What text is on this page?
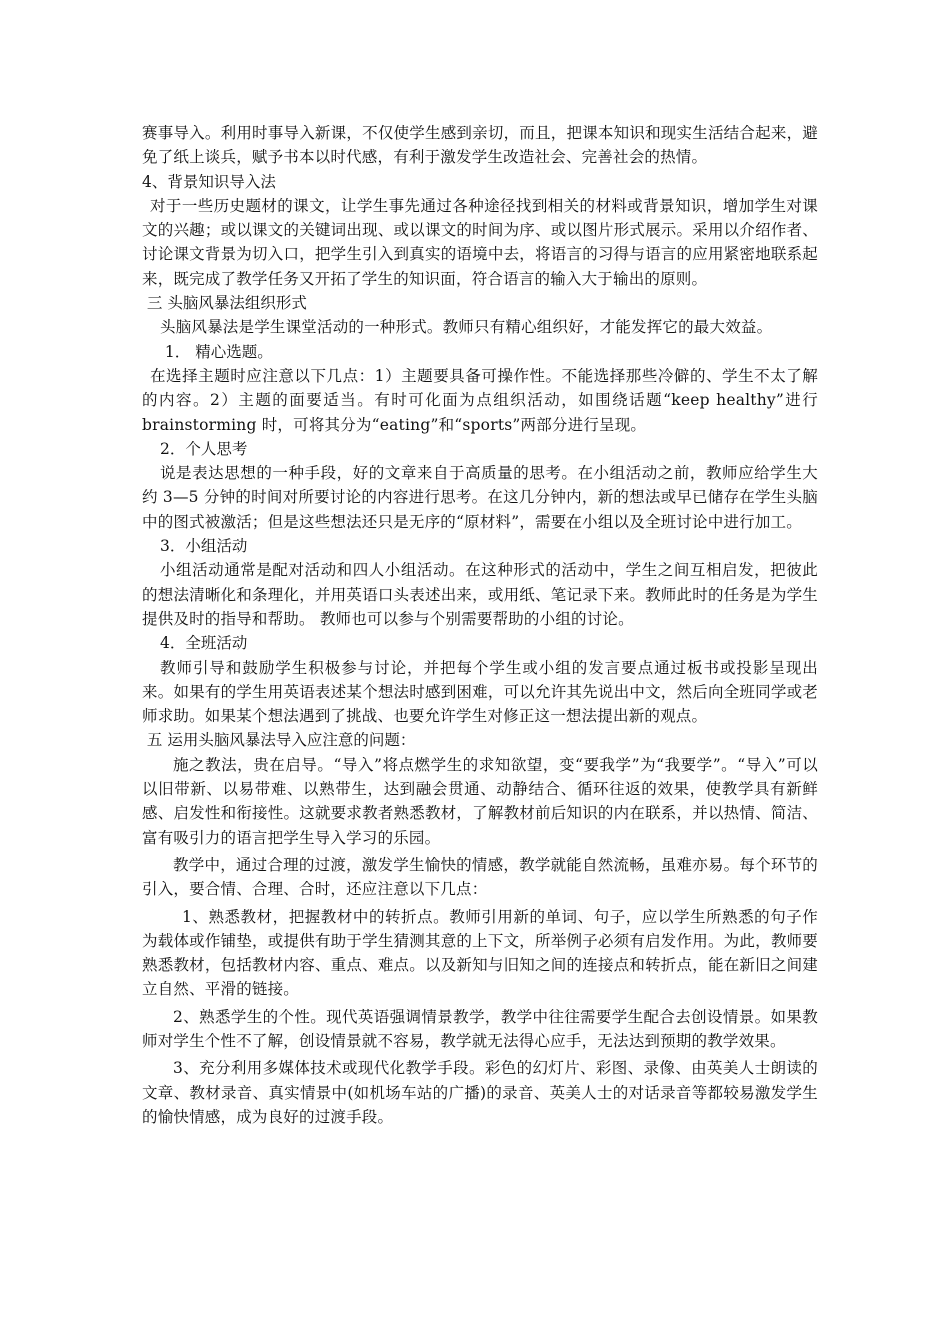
赛事导入。利用时事导入新课，不仅使学生感到亲切，而且，把课本知识和现实生活结合起来，避免了纸上谈兵，赋予书本以时代感，有利于激发学生改造社会、完善社会的热情。

4、背景知识导入法

对于一些历史题材的课文，让学生事先通过各种途径找到相关的材料或背景知识，增加学生对课文的兴趣；或以课文的关键词出现、或以课文的时间为序、或以图片形式展示。采用以介绍作者、讨论课文背景为切入口，把学生引入到真实的语境中去，将语言的习得与语言的应用紧密地联系起来，既完成了教学任务又开拓了学生的知识面，符合语言的输入大于输出的原则。

三 头脑风暴法组织形式

头脑风暴法是学生课堂活动的一种形式。教师只有精心组织好，才能发挥它的最大效益。

1． 精心选题。

在选择主题时应注意以下几点：1）主题要具备可操作性。不能选择那些冷僻的、学生不太了解的内容。2）主题的面要适当。有时可化面为点组织活动，如围绕话题“keep healthy”进行 brainstorming 时，可将其分为“eating”和“sports”两部分进行呈现。

2．个人思考

说是表达思想的一种手段，好的文章来自于高质量的思考。在小组活动之前，教师应给学生大约 3—5 分钟的时间对所要讨论的内容进行思考。在这几分钟内，新的想法或早已储存在学生头脑中的图式被激活；但是这些想法还只是无序的“原材料”，需要在小组以及全班讨论中进行加工。

3．小组活动

小组活动通常是配对活动和四人小组活动。在这种形式的活动中，学生之间互相启发，把彼此的想法清晰化和条理化，并用英语口头表述出来，或用纸、笔记录下来。教师此时的任务是为学生提供及时的指导和帮助。 教师也可以参与个别需要帮助的小组的讨论。

4．全班活动

教师引导和鼓励学生积极参与讨论，并把每个学生或小组的发言要点通过板书或投影呈现出来。如果有的学生用英语表述某个想法时感到困难，可以允许其先说出中文，然后向全班同学或老师求助。如果某个想法遇到了挑战、也要允许学生对修正这一想法提出新的观点。

五 运用头脑风暴法导入应注意的问题：

施之教法，贵在启导。“导入”将点燃学生的求知欲望，变“要我学”为“我要学”。“导入”可以以旧带新、以易带难、以熟带生，达到融会贯通、动静结合、循环往返的效果，使教学具有新鲜感、启发性和衔接性。这就要求教者熟悉教材，了解教材前后知识的内在联系，并以热情、简洁、富有吸引力的语言把学生导入学习的乐园。

教学中，通过合理的过渡，激发学生愉快的情感，教学就能自然流畅，虽难亦易。每个环节的引入，要合情、合理、合时，还应注意以下几点：

1、熟悉教材，把握教材中的转折点。教师引用新的单词、句子，应以学生所熟悉的句子作为载体或作铺垫，或提供有助于学生猜测其意的上下文，所举例子必须有启发作用。为此，教师要熟悉教材，包括教材内容、重点、难点。以及新知与旧知之间的连接点和转折点，能在新旧之间建立自然、平滑的链接。

2、熟悉学生的个性。现代英语强调情景教学，教学中往往需要学生配合去创设情景。如果教师对学生个性不了解，创设情景就不容易，教学就无法得心应手，无法达到预期的教学效果。

3、充分利用多媒体技术或现代化教学手段。彩色的幻灯片、彩图、录像、由英美人士朗读的文章、教材录音、真实情景中(如机场车站的广播)的录音、英美人士的对话录音等都较易激发学生的愉快情感，成为良好的过渡手段。
